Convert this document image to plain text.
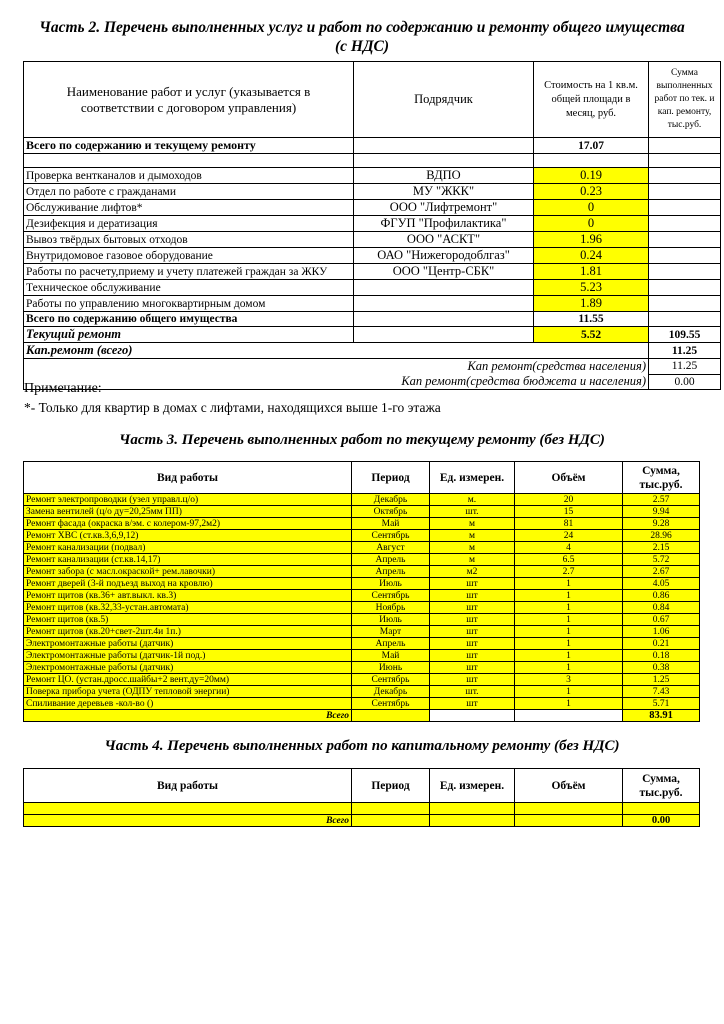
Часть 2. Перечень выполненных услуг и работ по содержанию и ремонту общего имущества
(с НДС)
Наименование работ и услуг (указывается в соответствии с договором управления)	Подрядчик	Стоимость на 1 кв.м. общей площади в месяц, руб.	Сумма выполненных работ по тек. и кап. ремонту, тыс.руб.
Всего по содержанию и текущему ремонту		17.07	

Проверка вентканалов и дымоходов	ВДПО	0.19	
Отдел по работе с гражданами	МУ "ЖКК"	0.23	
Обслуживание лифтов*	ООО "Лифтремонт"	0	
Дезифекция и дератизация	ФГУП "Профилактика"	0	
Вывоз твёрдых бытовых отходов	ООО "АСКТ"	1.96	
Внутридомовое газовое оборудование	ОАО "Нижегородоблгаз"	0.24	
Работы по расчету,приему и учету платежей граждан за ЖКУ	ООО "Центр-СБК"	1.81	
Техническое обслуживание		5.23	
Работы по управлению многоквартирным домом		1.89	
Всего по содержанию общего имущества		11.55	
Текущий ремонт		5.52	109.55
Кап.ремонт (всего)			11.25
Кап ремонт(средства населения)			11.25
Кап ремонт(средства бюджета и населения)			0.00
Примечание:
*- Только для квартир в домах с лифтами, находящихся выше 1-го этажа
Часть 3. Перечень выполненных работ по текущему ремонту (без НДС)
Вид работы	Период	Ед. измерен.	Объём	Сумма,
тыс.руб.

Ремонт электропроводки (узел управл.ц/о)	Декабрь	м.	20	2.57
Замена вентилей (ц/о ду=20,25мм ПП)	Октябрь	шт.	15	9.94
Ремонт фасада (окраска в/эм. с колером-97,2м2)	Май	м	81	9.28
Ремонт ХВС (ст.кв.3,6,9,12)	Сентябрь	м	24	28.96
Ремонт канализации (подвал)	Август	м	4	2.15
Ремонт канализации (ст.кв.14,17)	Апрель	м	6.5	5.72
Ремонт забора (с масл.окраской+ рем.лавочки)	Апрель	м2	2.7	2.67
Ремонт дверей (3-й подъезд выход на кровлю)	Июль	шт	1	4.05
Ремонт щитов (кв.36+ авт.выкл. кв.3)	Сентябрь	шт	1	0.86
Ремонт щитов (кв.32,33-устан.автомата)	Ноябрь	шт	1	0.84
Ремонт щитов (кв.5)	Июль	шт	1	0.67
Ремонт щитов (кв.20+свет-2шт.4и 1п.)	Март	шт	1	1.06
Электромонтажные работы (датчик)	Апрель	шт	1	0.21
Электромонтажные работы (датчик-1й под.)	Май	шт	1	0.18
Электромонтажные работы (датчик)	Июнь	шт	1	0.38
Ремонт ЦО. (устан.дросс.шайбы+2 вент.ду=20мм)	Сентябрь	шт	3	1.25
Поверка прибора учета (ОДПУ тепловой энергии)	Декабрь	шт.	1	7.43
Спиливание деревьев -кол-во ()	Сентябрь	шт	1	5.71
Всего				83.91
Часть 4. Перечень выполненных работ по капитальному ремонту (без НДС)
Вид работы	Период	Ед. измерен.	Объём	Сумма,
тыс.руб.

Всего				0.00
